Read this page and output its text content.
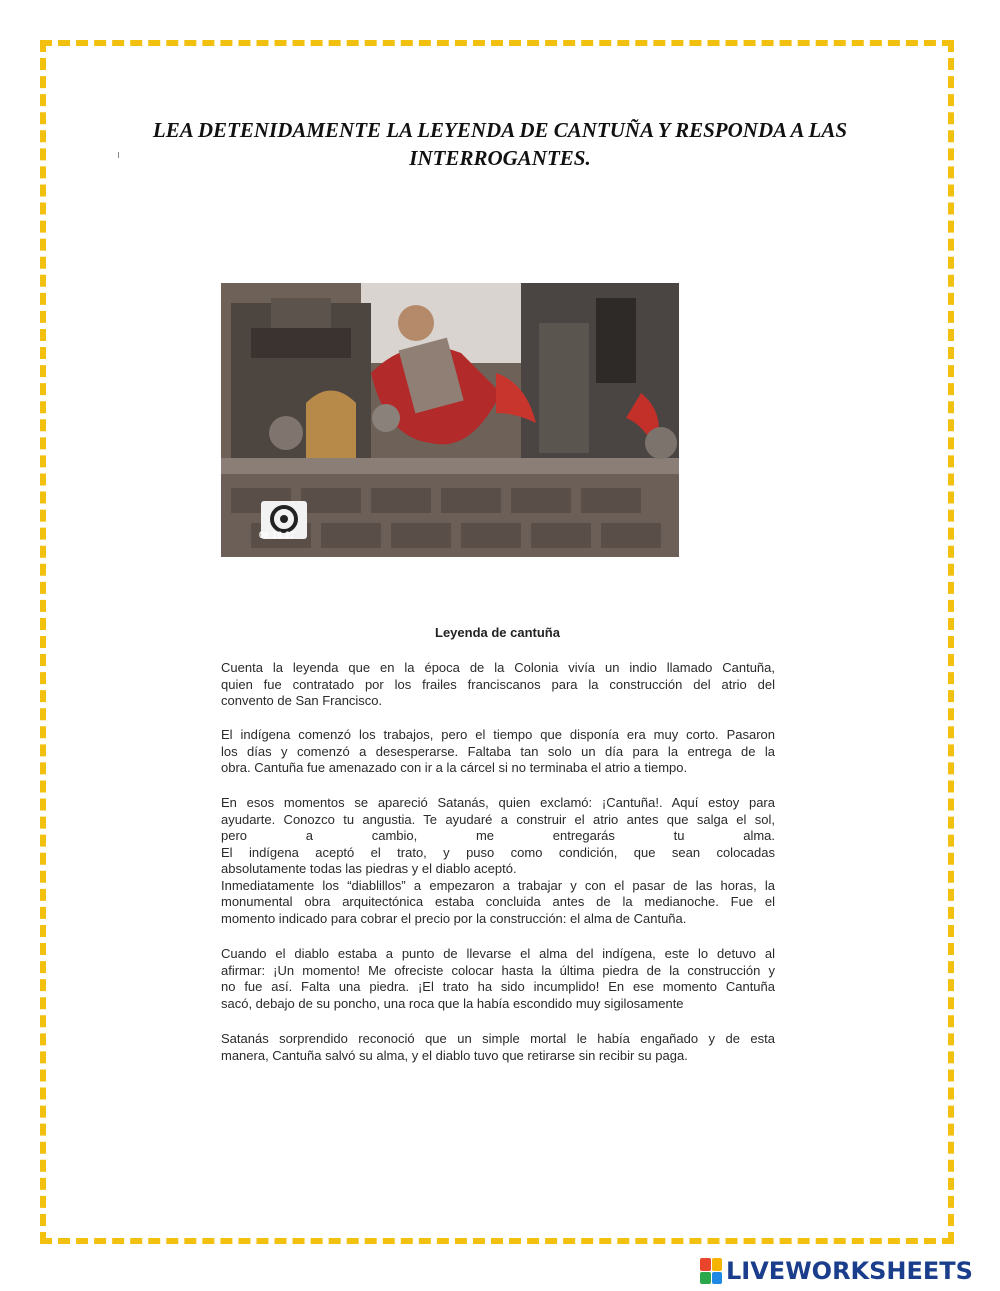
LEA DETENIDAMENTE LA LEYENDA DE CANTUÑA Y RESPONDA A LAS
INTERROGANTES.
06:18:27
Leyenda de cantuña

Cuenta la leyenda que en la época de la Colonia vivía un indio llamado Cantuña,
quien fue contratado por los frailes franciscanos para la construcción del atrio del
convento de San Francisco.

El indígena comenzó los trabajos, pero el tiempo que disponía era muy corto. Pasaron
los días y comenzó a desesperarse. Faltaba tan solo un día para la entrega de la
obra. Cantuña fue amenazado con ir a la cárcel si no terminaba el atrio a tiempo.

En esos momentos se apareció Satanás, quien exclamó: ¡Cantuña!. Aquí estoy para
ayudarte. Conozco tu angustia. Te ayudaré a construir el atrio antes que salga el sol,
pero a cambio, me entregarás tu alma.
El indígena aceptó el trato, y puso como condición, que sean colocadas
absolutamente todas las piedras y el diablo aceptó.
Inmediatamente los “diablillos” a empezaron a trabajar y con el pasar de las horas, la
monumental obra arquitectónica estaba concluida antes de la medianoche. Fue el
momento indicado para cobrar el precio por la construcción: el alma de Cantuña.

Cuando el diablo estaba a punto de llevarse el alma del indígena, este lo detuvo al
afirmar: ¡Un momento! Me ofreciste colocar hasta la última piedra de la construcción y
no fue así. Falta una piedra. ¡El trato ha sido incumplido! En ese momento Cantuña
sacó, debajo de su poncho, una roca que la había escondido muy sigilosamente

Satanás sorprendido reconoció que un simple mortal le había engañado y de esta
manera, Cantuña salvó su alma, y el diablo tuvo que retirarse sin recibir su paga.

LIVEWORKSHEETS
